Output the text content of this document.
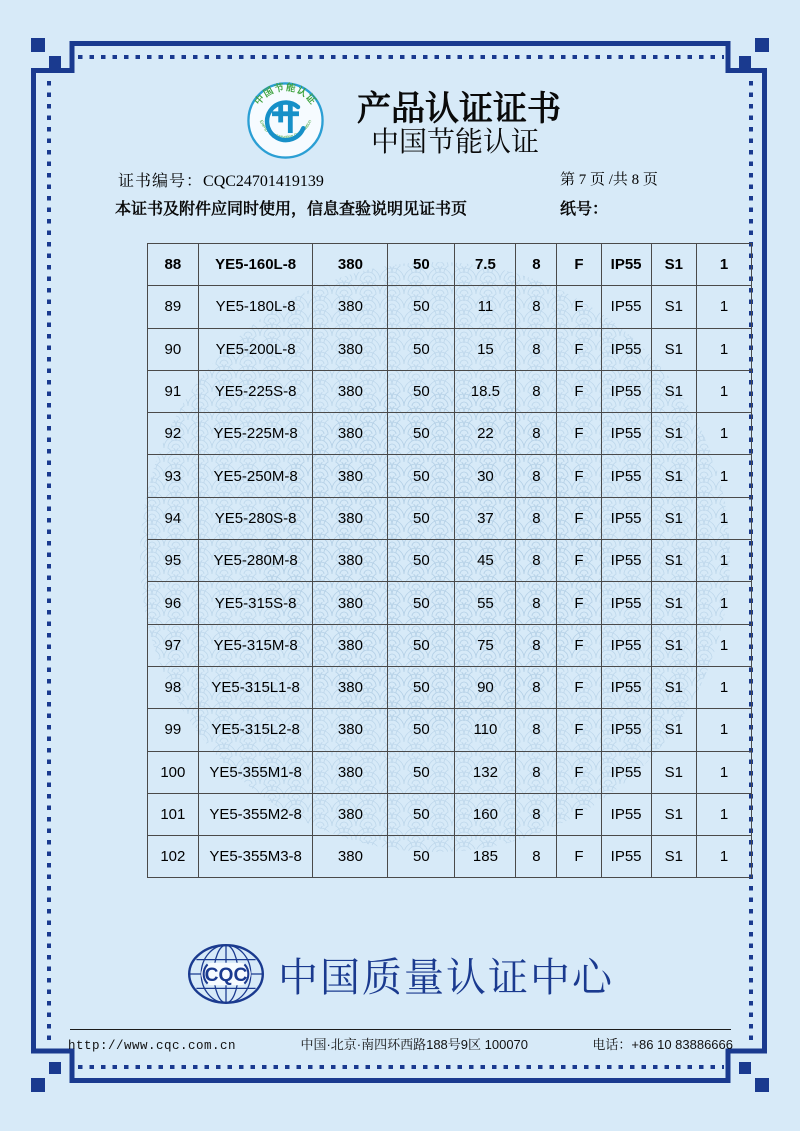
中国节能认证
Energy Conservation Certification	产品认证证书
中国节能认证
证书编号：CQC24701419139	第 7 页 /共 8 页
本证书及附件应同时使用，信息查验说明见证书页	纸号：
88	YE5-160L-8	380	50	7.5	8	F	IP55	S1	1
89	YE5-180L-8	380	50	11	8	F	IP55	S1	1
90	YE5-200L-8	380	50	15	8	F	IP55	S1	1
91	YE5-225S-8	380	50	18.5	8	F	IP55	S1	1
92	YE5-225M-8	380	50	22	8	F	IP55	S1	1
93	YE5-250M-8	380	50	30	8	F	IP55	S1	1
94	YE5-280S-8	380	50	37	8	F	IP55	S1	1
95	YE5-280M-8	380	50	45	8	F	IP55	S1	1
96	YE5-315S-8	380	50	55	8	F	IP55	S1	1
97	YE5-315M-8	380	50	75	8	F	IP55	S1	1
98	YE5-315L1-8	380	50	90	8	F	IP55	S1	1
99	YE5-315L2-8	380	50	110	8	F	IP55	S1	1
100	YE5-355M1-8	380	50	132	8	F	IP55	S1	1
101	YE5-355M2-8	380	50	160	8	F	IP55	S1	1
102	YE5-355M3-8	380	50	185	8	F	IP55	S1	1
CQC 中国质量认证中心
http://www.cqc.com.cn	中国·北京·南四环西路188号9区 100070	电话：+86 10 83886666
